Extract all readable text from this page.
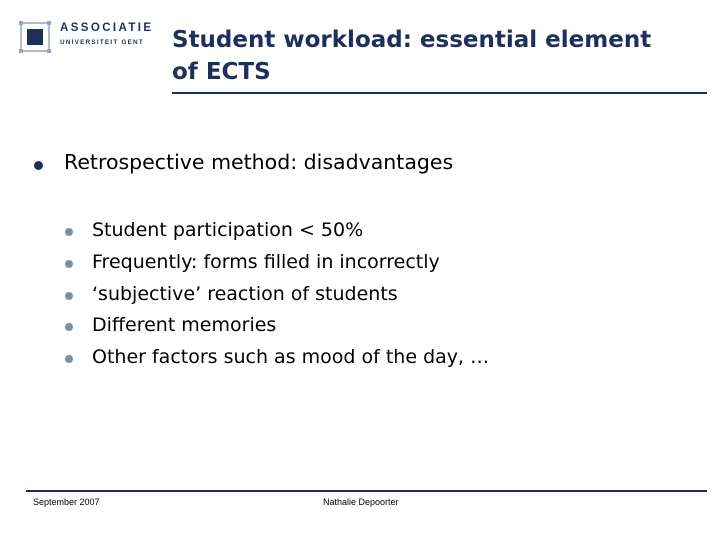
ASSOCIATIE
UNIVERSITEIT GENT Student workload: essential element
of ECTS
Retrospective method: disadvantages
Student participation < 50%
Frequently: forms filled in incorrectly
‘subjective’ reaction of students
Different memories
Other factors such as mood of the day, …
September 2007	Nathalie Depoorter
